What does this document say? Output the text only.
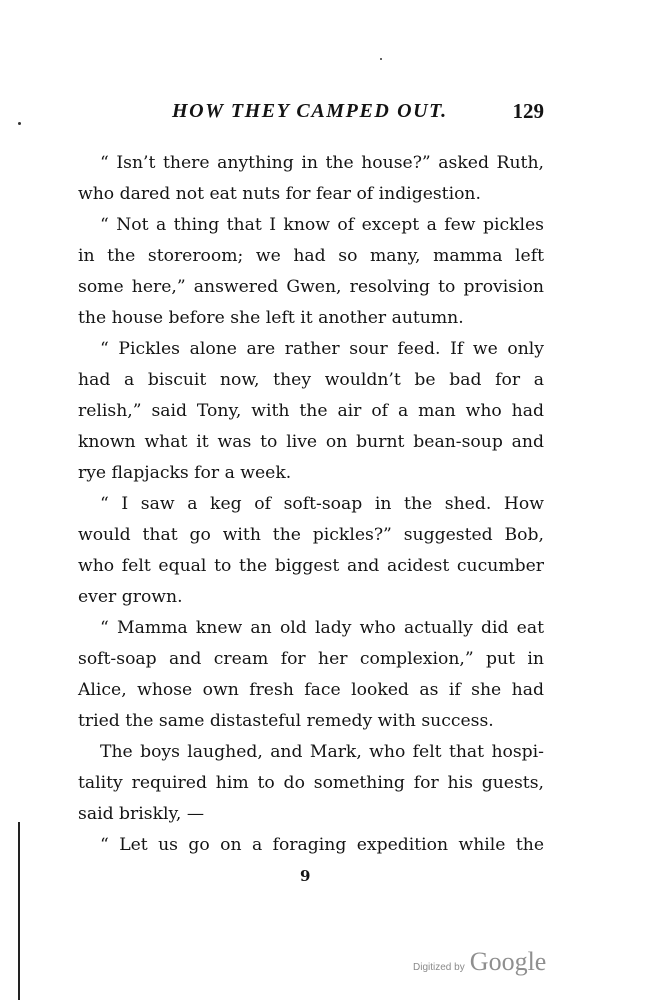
HOW THEY CAMPED OUT.	129
“ Isn’t there anything in the house?” asked Ruth,
who dared not eat nuts for fear of indigestion.
“ Not a thing that I know of except a few pickles
in the storeroom; we had so many, mamma left
some here,” answered Gwen, resolving to provision
the house before she left it another autumn.
“ Pickles alone are rather sour feed. If we only
had a biscuit now, they wouldn’t be bad for a
relish,” said Tony, with the air of a man who had
known what it was to live on burnt bean-soup and
rye flapjacks for a week.
“ I saw a keg of soft-soap in the shed. How
would that go with the pickles?” suggested Bob,
who felt equal to the biggest and acidest cucumber
ever grown.
“ Mamma knew an old lady who actually did eat
soft-soap and cream for her complexion,” put in
Alice, whose own fresh face looked as if she had
tried the same distasteful remedy with success.
The boys laughed, and Mark, who felt that hospi-
tality required him to do something for his guests,
said briskly, —
“ Let us go on a foraging expedition while the
9
Digitized by Google
